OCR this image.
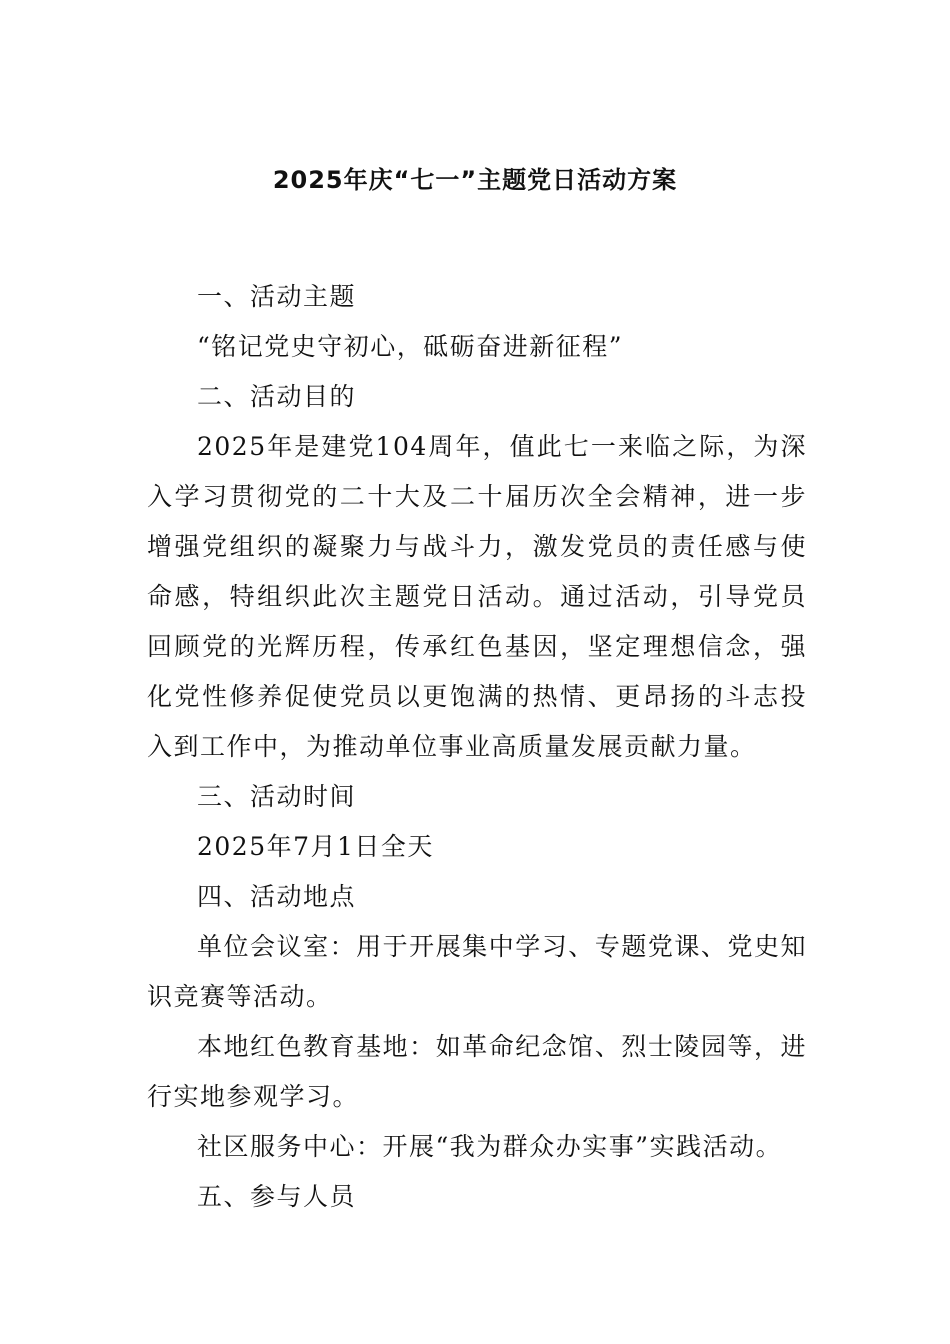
2025年庆“七一”主题党日活动方案

一、活动主题

“铭记党史守初心，砥砺奋进新征程”

二、活动目的

2025年是建党104周年，值此七一来临之际，为深入学习贯彻党的二十大及二十届历次全会精神，进一步增强党组织的凝聚力与战斗力，激发党员的责任感与使命感，特组织此次主题党日活动。通过活动，引导党员回顾党的光辉历程，传承红色基因，坚定理想信念，强化党性修养促使党员以更饱满的热情、更昂扬的斗志投入到工作中，为推动单位事业高质量发展贡献力量。

三、活动时间

2025年7月1日全天

四、活动地点

单位会议室：用于开展集中学习、专题党课、党史知识竞赛等活动。

本地红色教育基地：如革命纪念馆、烈士陵园等，进行实地参观学习。

社区服务中心：开展“我为群众办实事”实践活动。

五、参与人员
